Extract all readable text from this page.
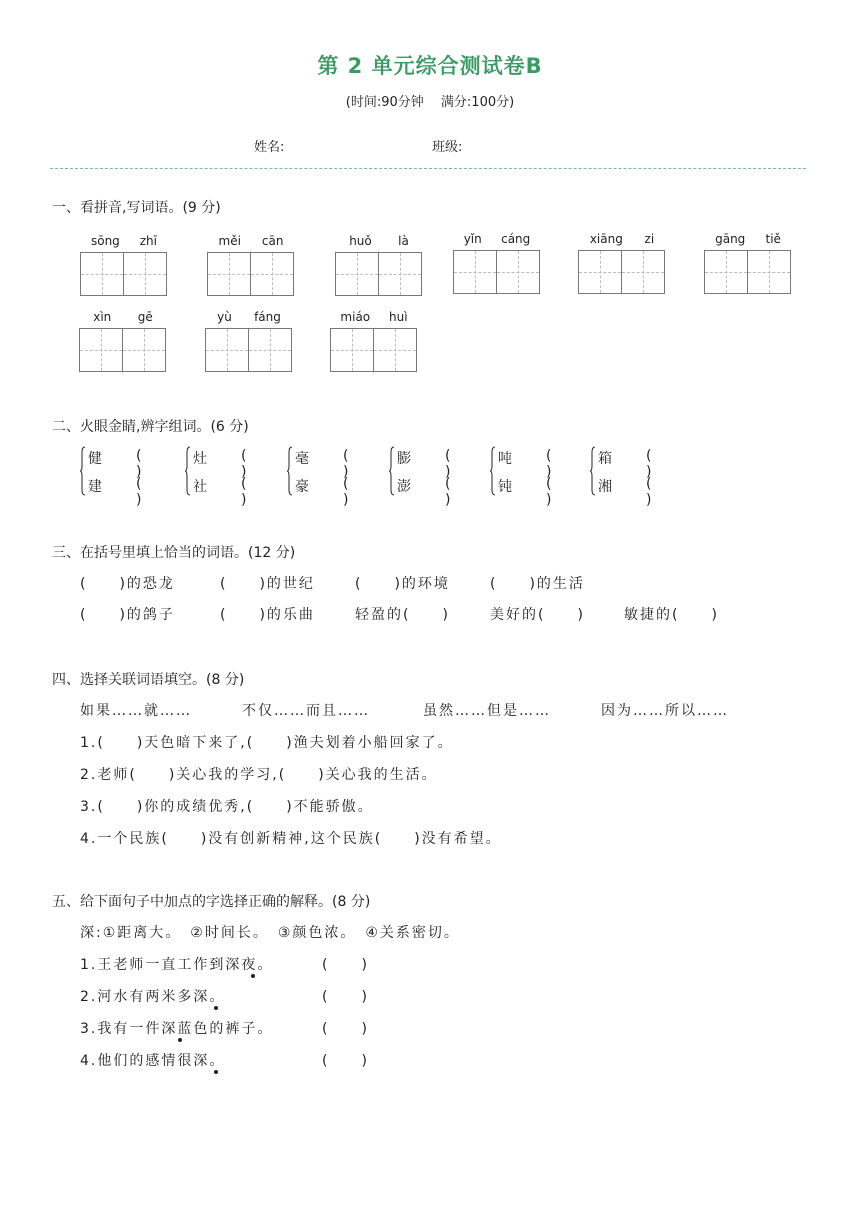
第 2 单元综合测试卷B
(时间:90分钟　 满分:100分)
姓名:	班级:
一、看拼音,写词语。(9 分)
sōng zhī	měi cān	huǒ là	yǐn cáng	xiāng zi	gāng tiě
xìn gē	yù fáng	miáo huì
二、火眼金睛,辨字组词。(6 分)
健 ()
建 ()
灶 ()
社 ()
毫 ()
豪 ()
膨 ()
澎 ()
吨 ()
钝 ()
箱 ()
湘 ()
三、在括号里填上恰当的词语。(12 分)
(　　)的恐龙	(　　)的世纪	(　　)的环境	(　　)的生活
(　　)的鸽子	(　　)的乐曲	轻盈的(　　)	美好的(　　)	敏捷的(　　)
四、选择关联词语填空。(8 分)
如果……就……	不仅……而且……	虽然……但是……	因为……所以……
1.(　　)天色暗下来了,(　　)渔夫划着小船回家了。
2.老师(　　)关心我的学习,(　　)关心我的生活。
3.(　　)你的成绩优秀,(　　)不能骄傲。
4.一个民族(　　)没有创新精神,这个民族(　　)没有希望。
五、给下面句子中加点的字选择正确的解释。(8 分)
深:①距离大。　②时间长。　③颜色浓。　④关系密切。
1.王老师一直工作到深夜。	(　　)
2.河水有两米多深。	(　　)
3.我有一件深蓝色的裤子。	(　　)
4.他们的感情很深。	(　　)
